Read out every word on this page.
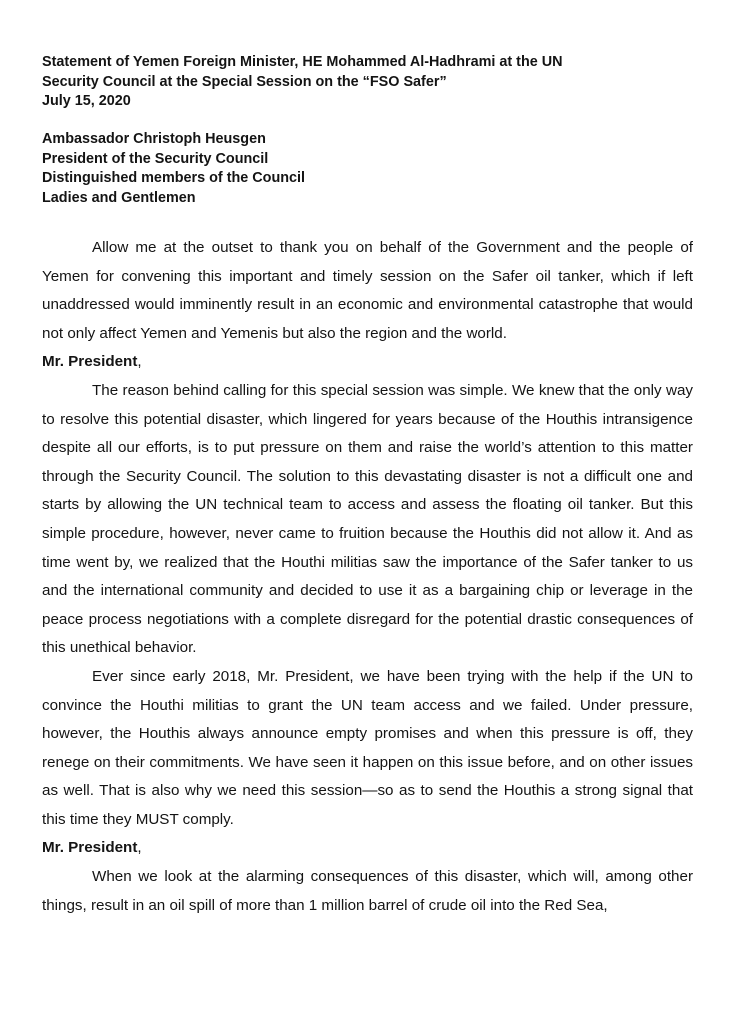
Statement of Yemen Foreign Minister, HE Mohammed Al-Hadhrami at the UN
Security Council at the Special Session on the “FSO Safer”
July 15, 2020
Ambassador Christoph Heusgen
President of the Security Council
Distinguished members of the Council
Ladies and Gentlemen

Allow me at the outset to thank you on behalf of the Government and the people of Yemen for convening this important and timely session on the Safer oil tanker, which if left unaddressed would imminently result in an economic and environmental catastrophe that would not only affect Yemen and Yemenis but also the region and the world.

Mr. President,

The reason behind calling for this special session was simple. We knew that the only way to resolve this potential disaster, which lingered for years because of the Houthis intransigence despite all our efforts, is to put pressure on them and raise the world’s attention to this matter through the Security Council. The solution to this devastating disaster is not a difficult one and starts by allowing the UN technical team to access and assess the floating oil tanker. But this simple procedure, however, never came to fruition because the Houthis did not allow it. And as time went by, we realized that the Houthi militias saw the importance of the Safer tanker to us and the international community and decided to use it as a bargaining chip or leverage in the peace process negotiations with a complete disregard for the potential drastic consequences of this unethical behavior.

Ever since early 2018, Mr. President, we have been trying with the help if the UN to convince the Houthi militias to grant the UN team access and we failed. Under pressure, however, the Houthis always announce empty promises and when this pressure is off, they renege on their commitments. We have seen it happen on this issue before, and on other issues as well. That is also why we need this session—so as to send the Houthis a strong signal that this time they MUST comply.

Mr. President,

When we look at the alarming consequences of this disaster, which will, among other things, result in an oil spill of more than 1 million barrel of crude oil into the Red Sea,
